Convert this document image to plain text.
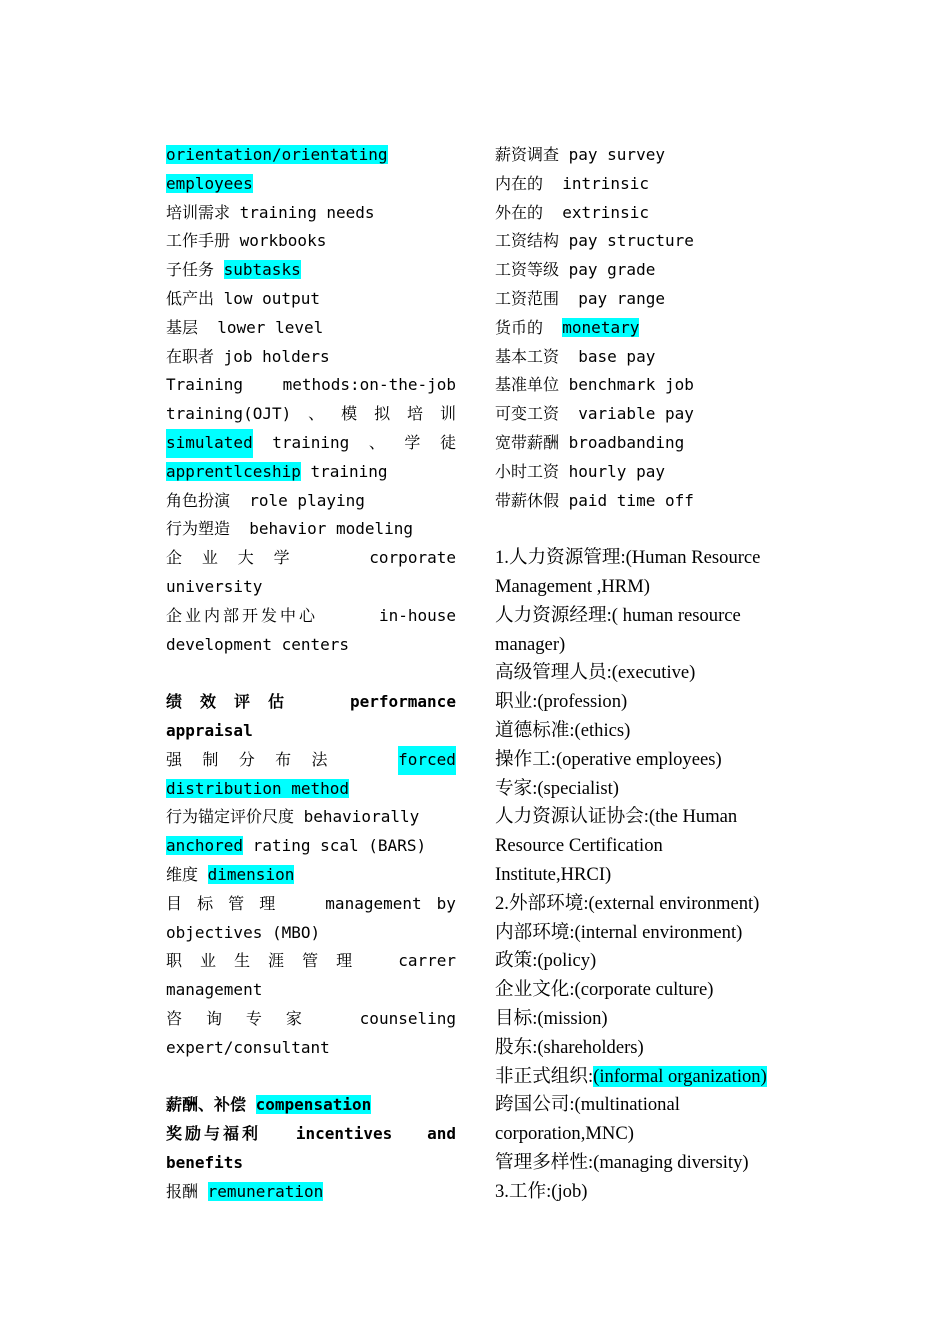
orientation/orientating
employees
培训需求 training needs
工作手册 workbooks
子任务 subtasks
低产出 low output
基层  lower level
在职者 job holders
Training methods:on-the-job
training(OJT) 、 模 拟 培 训
simulated training 、 学 徒
apprentlceship training
角色扮演  role playing
行为塑造  behavior modeling
企 业 大 学	corporate
university
企业内部开发中心	in-house
development centers
绩 效 评 估	performance
appraisal
强 制 分 布 法	forced
distribution method
行为锚定评价尺度 behaviorally
anchored rating scal (BARS)
维度 dimension
目 标 管 理	management by
objectives (MBO)
职 业 生 涯 管 理	carrer
management
咨 询 专 家	counseling
expert/consultant
薪酬、补偿 compensation
奖励与福利 incentives and
benefits
报酬 remuneration
薪资调查 pay survey
内在的  intrinsic
外在的  extrinsic
工资结构 pay structure
工资等级 pay grade
工资范围  pay range
货币的  monetary
基本工资  base pay
基准单位 benchmark job
可变工资  variable pay
宽带薪酬 broadbanding
小时工资 hourly pay
带薪休假 paid time off
1.人力资源管理:(Human Resource
Management ,HRM)
人力资源经理:( human resource
manager)
高级管理人员:(executive)
职业:(profession)
道德标准:(ethics)
操作工:(operative employees)
专家:(specialist)
人力资源认证协会:(the Human
Resource Certification
Institute,HRCI)
2.外部环境:(external environment)
内部环境:(internal environment)
政策:(policy)
企业文化:(corporate culture)
目标:(mission)
股东:(shareholders)
非正式组织:(informal organization)
跨国公司:(multinational
corporation,MNC)
管理多样性:(managing diversity)
3.工作:(job)
